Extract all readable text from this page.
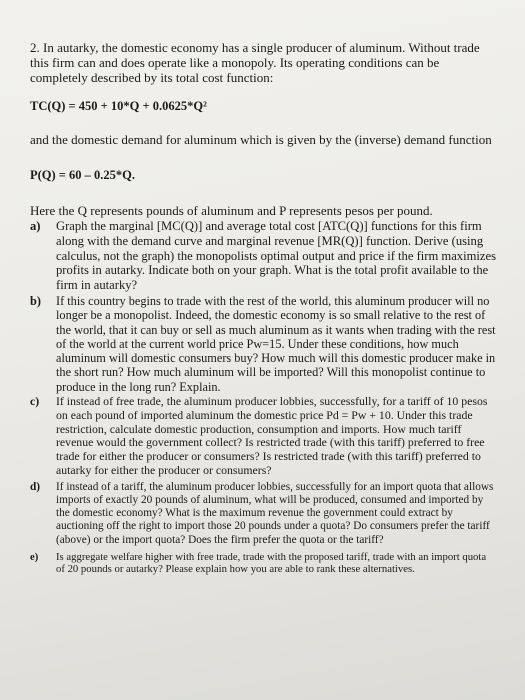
2. In autarky, the domestic economy has a single producer of aluminum. Without trade this firm can and does operate like a monopoly. Its operating conditions can be completely described by its total cost function:

TC(Q) = 450 + 10*Q + 0.0625*Q²

and the domestic demand for aluminum which is given by the (inverse) demand function

P(Q) = 60 – 0.25*Q.

Here the Q represents pounds of aluminum and P represents pesos per pound.

a)	Graph the marginal [MC(Q)] and average total cost [ATC(Q)] functions for this firm along with the demand curve and marginal revenue [MR(Q)] function. Derive (using calculus, not the graph) the monopolists optimal output and price if the firm maximizes profits in autarky. Indicate both on your graph. What is the total profit available to the firm in autarky?
b)	If this country begins to trade with the rest of the world, this aluminum producer will no longer be a monopolist. Indeed, the domestic economy is so small relative to the rest of the world, that it can buy or sell as much aluminum as it wants when trading with the rest of the world at the current world price Pw=15. Under these conditions, how much aluminum will domestic consumers buy? How much will this domestic producer make in the short run? How much aluminum will be imported? Will this monopolist continue to produce in the long run? Explain.
c)	If instead of free trade, the aluminum producer lobbies, successfully, for a tariff of 10 pesos on each pound of imported aluminum the domestic price Pd = Pw + 10. Under this trade restriction, calculate domestic production, consumption and imports. How much tariff revenue would the government collect? Is restricted trade (with this tariff) preferred to free trade for either the producer or consumers? Is restricted trade (with this tariff) preferred to autarky for either the producer or consumers?
d)	If instead of a tariff, the aluminum producer lobbies, successfully for an import quota that allows imports of exactly 20 pounds of aluminum, what will be produced, consumed and imported by the domestic economy? What is the maximum revenue the government could extract by auctioning off the right to import those 20 pounds under a quota? Do consumers prefer the tariff (above) or the import quota? Does the firm prefer the quota or the tariff?
e)	Is aggregate welfare higher with free trade, trade with the proposed tariff, trade with an import quota of 20 pounds or autarky? Please explain how you are able to rank these alternatives.
